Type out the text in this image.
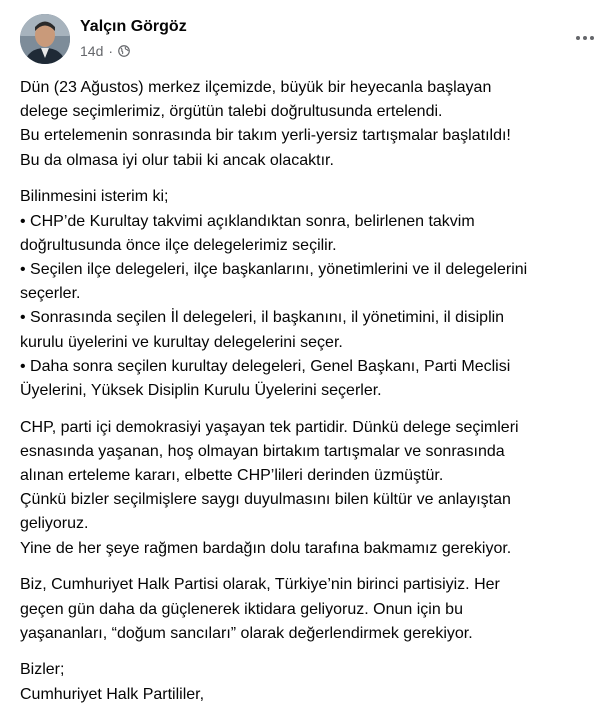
Yalçın Görgöz
14d ·

Dün (23 Ağustos) merkez ilçemizde, büyük bir heyecanla başlayan
delege seçimlerimiz, örgütün talebi doğrultusunda ertelendi.
Bu ertelemenin sonrasında bir takım yerli-yersiz tartışmalar başlatıldı!
Bu da olmasa iyi olur tabii ki ancak olacaktır.

Bilinmesini isterim ki;
• CHP’de Kurultay takvimi açıklandıktan sonra, belirlenen takvim
doğrultusunda önce ilçe delegelerimiz seçilir.
• Seçilen ilçe delegeleri, ilçe başkanlarını, yönetimlerini ve il delegelerini
seçerler.
• Sonrasında seçilen İl delegeleri, il başkanını, il yönetimini, il disiplin
kurulu üyelerini ve kurultay delegelerini seçer.
• Daha sonra seçilen kurultay delegeleri, Genel Başkanı, Parti Meclisi
Üyelerini, Yüksek Disiplin Kurulu Üyelerini seçerler.

CHP, parti içi demokrasiyi yaşayan tek partidir. Dünkü delege seçimleri
esnasında yaşanan, hoş olmayan birtakım tartışmalar ve sonrasında
alınan erteleme kararı, elbette CHP’lileri derinden üzmüştür.
Çünkü bizler seçilmişlere saygı duyulmasını bilen kültür ve anlayıştan
geliyoruz.
Yine de her şeye rağmen bardağın dolu tarafına bakmamız gerekiyor.

Biz, Cumhuriyet Halk Partisi olarak, Türkiye’nin birinci partisiyiz. Her
geçen gün daha da güçlenerek iktidara geliyoruz. Onun için bu
yaşananları, “doğum sancıları” olarak değerlendirmek gerekiyor.

Bizler;
Cumhuriyet Halk Partililer,
